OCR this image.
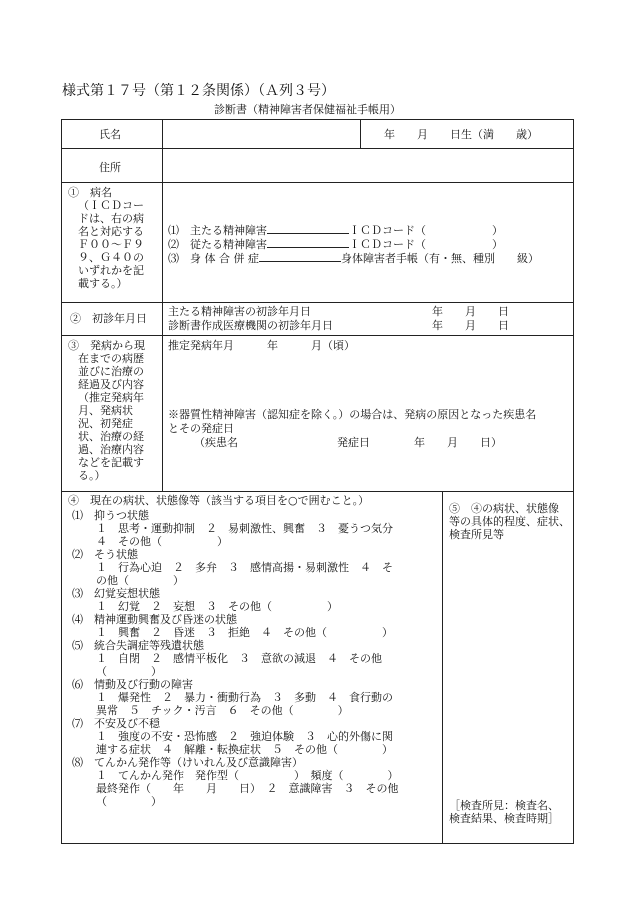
様式第１７号（第１２条関係）（Ａ列３号）
診断書（精神障害者保健福祉手帳用）
氏名	年　　月　　日生（満　　歳）
住所
①　病名
（ＩＣＤコー
ドは、右の病
名と対応する
Ｆ００～Ｆ９
９、Ｇ４０の
いずれかを記
載する。）
⑴　主たる精神障害	ＩＣＤコード（　　　　　　）
⑵　従たる精神障害	ＩＣＤコード（　　　　　　）
⑶　身 体 合 併 症	身体障害者手帳（有・無、種別　　級）
②　初診年月日
主たる精神障害の初診年月日	年　　月　　日
診断書作成医療機関の初診年月日	年　　月　　日
③　発病から現
在までの病歴
並びに治療の
経過及び内容
（推定発病年
月、発病状
況、初発症
状、治療の経
過、治療内容
などを記載す
る。）
推定発病年月　　　年　　　月（頃）
※器質性精神障害（認知症を除く。）の場合は、発病の原因となった疾患名
とその発症日
（疾患名　　　　　　　　　発症日　　　　年　　月　　日）
④　現在の病状、状態像等（該当する項目を○で囲むこと。）
⑴　抑うつ状態
１　思考・運動抑制　２　易刺激性、興奮　３　憂うつ気分
４　その他（　　　　　）
⑵　そう状態
１　行為心迫　２　多弁　３　感情高揚・易刺激性　４　そ
の他（　　　　）
⑶　幻覚妄想状態
１　幻覚　２　妄想　３　その他（　　　　　）
⑷　精神運動興奮及び昏迷の状態
１　興奮　２　昏迷　３　拒絶　４　その他（　　　　　）
⑸　統合失調症等残遺状態
１　自閉　２　感情平板化　３　意欲の減退　４　その他
（　　　　）
⑹　情動及び行動の障害
１　爆発性　２　暴力・衝動行為　３　多動　４　食行動の
異常　５　チック・汚言　６　その他（　　　　）
⑺　不安及び不穏
１　強度の不安・恐怖感　２　強迫体験　３　心的外傷に関
連する症状　４　解離・転換症状　５　その他（　　　　）
⑻　てんかん発作等（けいれん及び意識障害）
１　てんかん発作　発作型（　　　　　）　頻度（　　　　）
最終発作（　　年　　月　　日）　２　意識障害　３　その他
（　　　　）
⑤　④の病状、状態像
等の具体的程度、症状、
検査所見等
［検査所見：検査名、
検査結果、検査時期］
